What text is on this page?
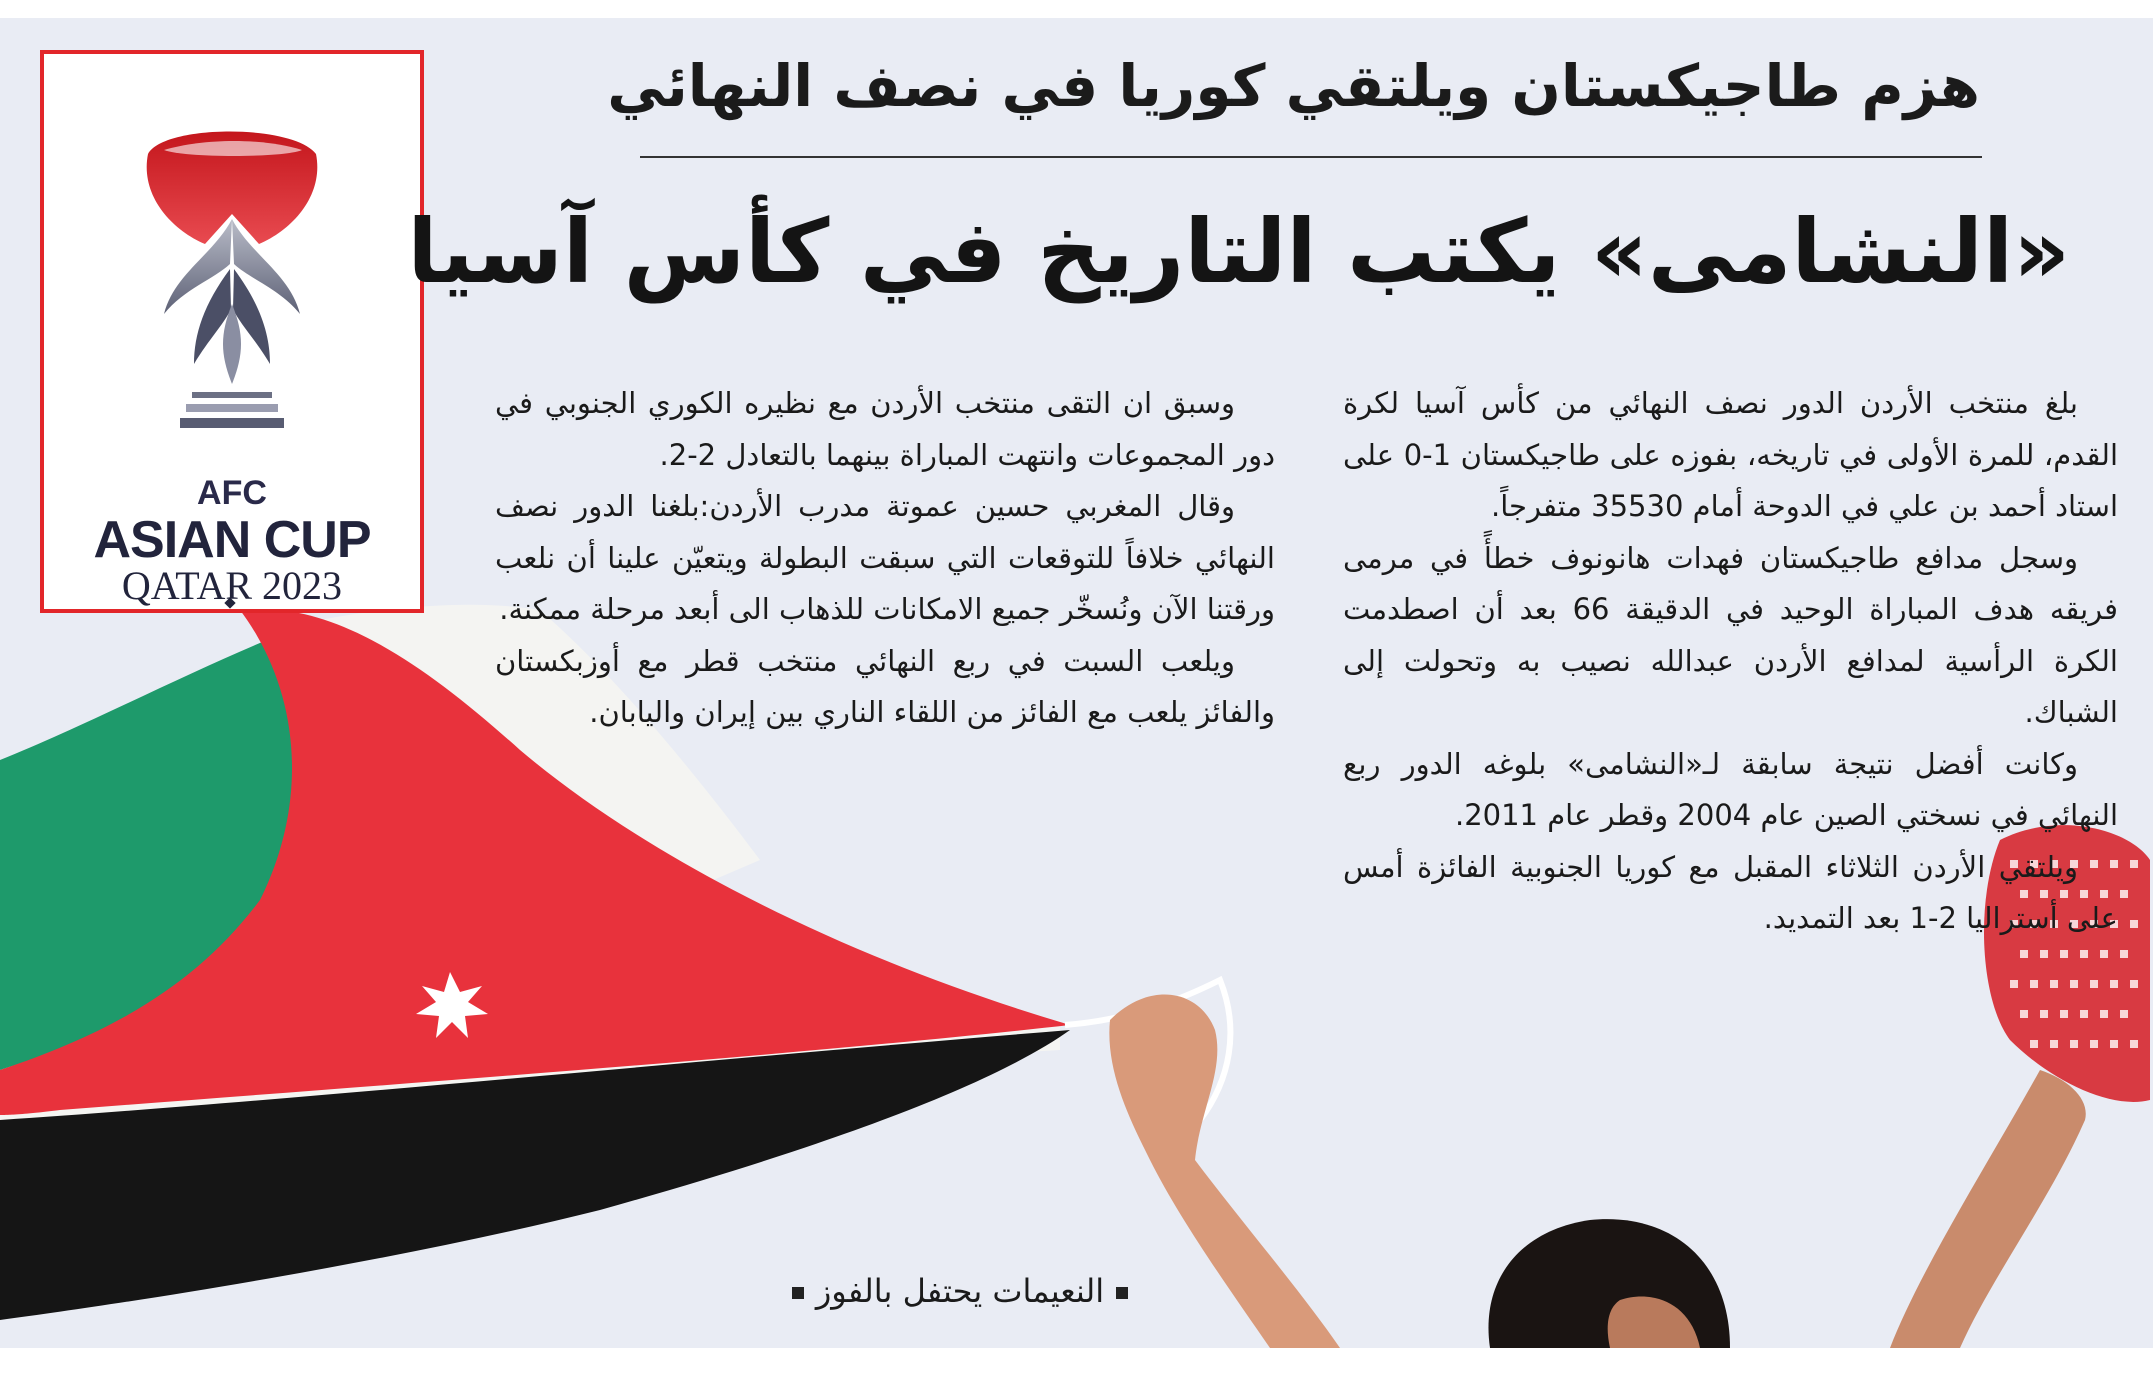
AFC
ASIAN CUP
QATAR 2023
هزم طاجيكستان ويلتقي كوريا في نصف النهائي
«النشامى» يكتب التاريخ في كأس آسيا

بلغ منتخب الأردن الدور نصف النهائي من كأس آسيا لكرة القدم، للمرة الأولى في تاريخه، بفوزه على طاجيكستان 1-0 على استاد أحمد بن علي في الدوحة أمام 35530 متفرجاً.

وسجل مدافع طاجيكستان فهدات هانونوف خطأً في مرمى فريقه هدف المباراة الوحيد في الدقيقة 66 بعد أن اصطدمت الكرة الرأسية لمدافع الأردن عبدالله نصيب به وتحولت إلى الشباك.

وكانت أفضل نتيجة سابقة لـ«النشامى» بلوغه الدور ربع النهائي في نسختي الصين عام 2004 وقطر عام 2011.

ويلتقي الأردن الثلاثاء المقبل مع كوريا الجنوبية الفائزة أمس على أستراليا 2-1 بعد التمديد.

وسبق ان التقى منتخب الأردن مع نظيره الكوري الجنوبي في دور المجموعات وانتهت المباراة بينهما بالتعادل 2-2.

وقال المغربي حسين عموتة مدرب الأردن:بلغنا الدور نصف النهائي خلافاً للتوقعات التي سبقت البطولة ويتعيّن علينا أن نلعب ورقتنا الآن ونُسخّر جميع الامكانات للذهاب الى أبعد مرحلة ممكنة.

ويلعب السبت في ربع النهائي منتخب قطر مع أوزبكستان والفائز يلعب مع الفائز من اللقاء الناري بين إيران واليابان.

النعيمات يحتفل بالفوز
